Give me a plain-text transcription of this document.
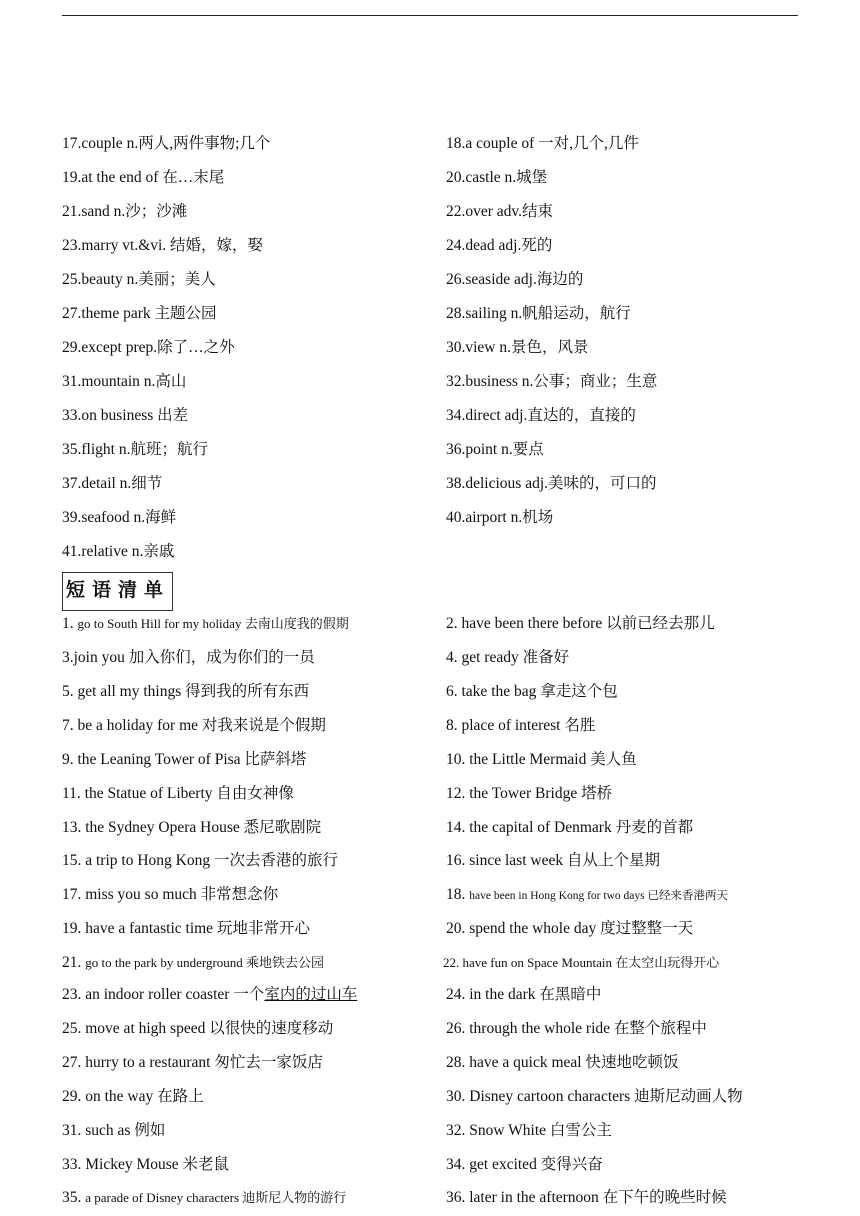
17.couple n.两人,两件事物;几个	18.a couple of 一对,几个,几件
19.at the end of 在…末尾	20.castle n.城堡
21.sand n.沙；沙滩	22.over adv.结束
23.marry vt.&vi. 结婚，嫁，娶	24.dead adj.死的
25.beauty n.美丽；美人	26.seaside adj.海边的
27.theme park 主题公园	28.sailing n.帆船运动，航行
29.except prep.除了…之外	30.view n.景色，风景
31.mountain n.高山	32.business n.公事；商业；生意
33.on business 出差	34.direct adj.直达的，直接的
35.flight n.航班；航行	36.point n.要点
37.detail n.细节	38.delicious adj.美味的，可口的
39.seafood n.海鲜	40.airport n.机场
41.relative n.亲戚
短语清单
1. go to South Hill for my holiday 去南山度我的假期	2. have been there before 以前已经去那儿
3.join you 加入你们，成为你们的一员	4. get ready 准备好
5. get all my things 得到我的所有东西	6. take the bag 拿走这个包
7. be a holiday for me 对我来说是个假期	8. place of interest 名胜
9. the Leaning Tower of Pisa 比萨斜塔	10. the Little Mermaid 美人鱼
11. the Statue of Liberty 自由女神像	12. the Tower Bridge 塔桥
13. the Sydney Opera House 悉尼歌剧院	14. the capital of Denmark 丹麦的首都
15. a trip to Hong Kong 一次去香港的旅行	16. since last week 自从上个星期
17. miss you so much 非常想念你	18. have been in Hong Kong for two days 已经来香港两天
19. have a fantastic time 玩地非常开心	20. spend the whole day 度过整整一天
21. go to the park by underground 乘地铁去公园	22. have fun on Space Mountain 在太空山玩得开心
23. an indoor roller coaster 一个室内的过山车	24. in the dark 在黑暗中
25. move at high speed 以很快的速度移动	26. through the whole ride 在整个旅程中
27. hurry to a restaurant 匆忙去一家饭店	28. have a quick meal 快速地吃顿饭
29. on the way 在路上	30. Disney cartoon characters 迪斯尼动画人物
31. such as 例如	32. Snow White 白雪公主
33. Mickey Mouse 米老鼠	34. get excited 变得兴奋
35. a parade of Disney characters 迪斯尼人物的游行	36. later in the afternoon 在下午的晚些时候
